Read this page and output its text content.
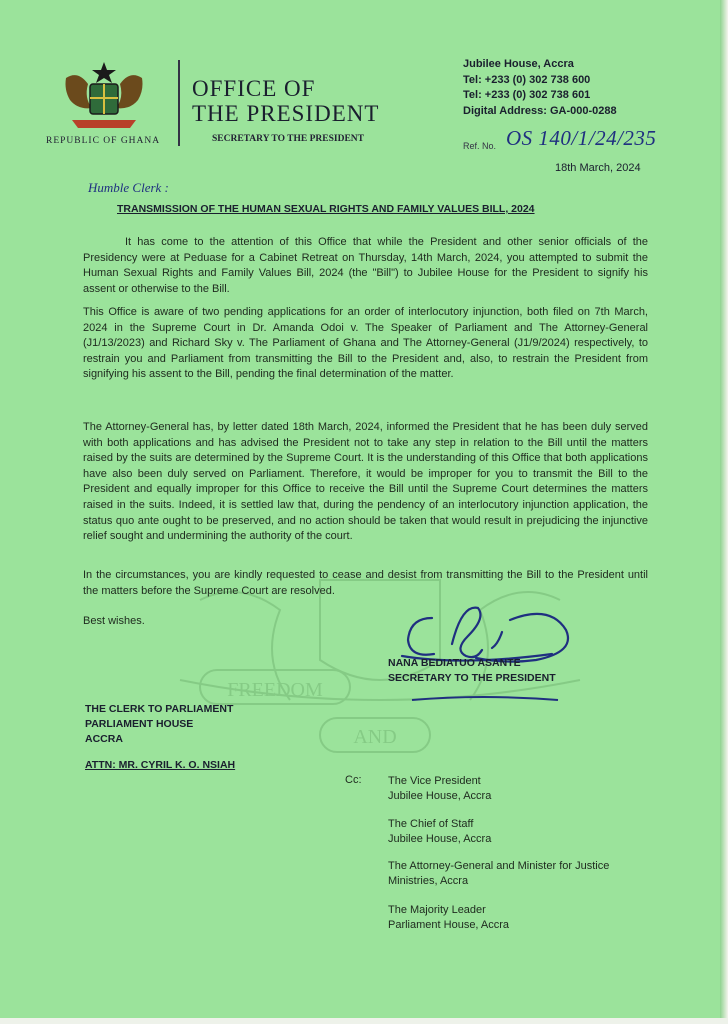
FREEDOM
AND
REPUBLIC OF GHANA
OFFICE OF
THE PRESIDENT
SECRETARY TO THE PRESIDENT
Jubilee House, Accra
Tel: +233 (0) 302 738 600
Tel: +233 (0) 302 738 601
Digital Address: GA-000-0288
Ref. No. OS 140/1/24/235
18th March, 2024
Humble Clerk :
TRANSMISSION OF THE HUMAN SEXUAL RIGHTS AND FAMILY VALUES BILL, 2024
It has come to the attention of this Office that while the President and other senior officials of the Presidency were at Peduase for a Cabinet Retreat on Thursday, 14th March, 2024, you attempted to submit the Human Sexual Rights and Family Values Bill, 2024 (the "Bill") to Jubilee House for the President to signify his assent or otherwise to the Bill.
This Office is aware of two pending applications for an order of interlocutory injunction, both filed on 7th March, 2024 in the Supreme Court in Dr. Amanda Odoi v. The Speaker of Parliament and The Attorney-General (J1/13/2023) and Richard Sky v. The Parliament of Ghana and The Attorney-General (J1/9/2024) respectively, to restrain you and Parliament from transmitting the Bill to the President and, also, to restrain the President from signifying his assent to the Bill, pending the final determination of the matter.
The Attorney-General has, by letter dated 18th March, 2024, informed the President that he has been duly served with both applications and has advised the President not to take any step in relation to the Bill until the matters raised by the suits are determined by the Supreme Court. It is the understanding of this Office that both applications have also been duly served on Parliament. Therefore, it would be improper for you to transmit the Bill to the President and equally improper for this Office to receive the Bill until the Supreme Court determines the matters raised in the suits. Indeed, it is settled law that, during the pendency of an interlocutory injunction application, the status quo ante ought to be preserved, and no action should be taken that would result in prejudicing the injunctive relief sought and undermining the authority of the court.
In the circumstances, you are kindly requested to cease and desist from transmitting the Bill to the President until the matters before the Supreme Court are resolved.
Best wishes.
NANA BEDIATUO ASANTE
SECRETARY TO THE PRESIDENT
THE CLERK TO PARLIAMENT
PARLIAMENT HOUSE
ACCRA
ATTN: MR. CYRIL K. O. NSIAH
Cc: The Vice President
Jubilee House, Accra
The Chief of Staff
Jubilee House, Accra
The Attorney-General and Minister for Justice
Ministries, Accra
The Majority Leader
Parliament House, Accra
